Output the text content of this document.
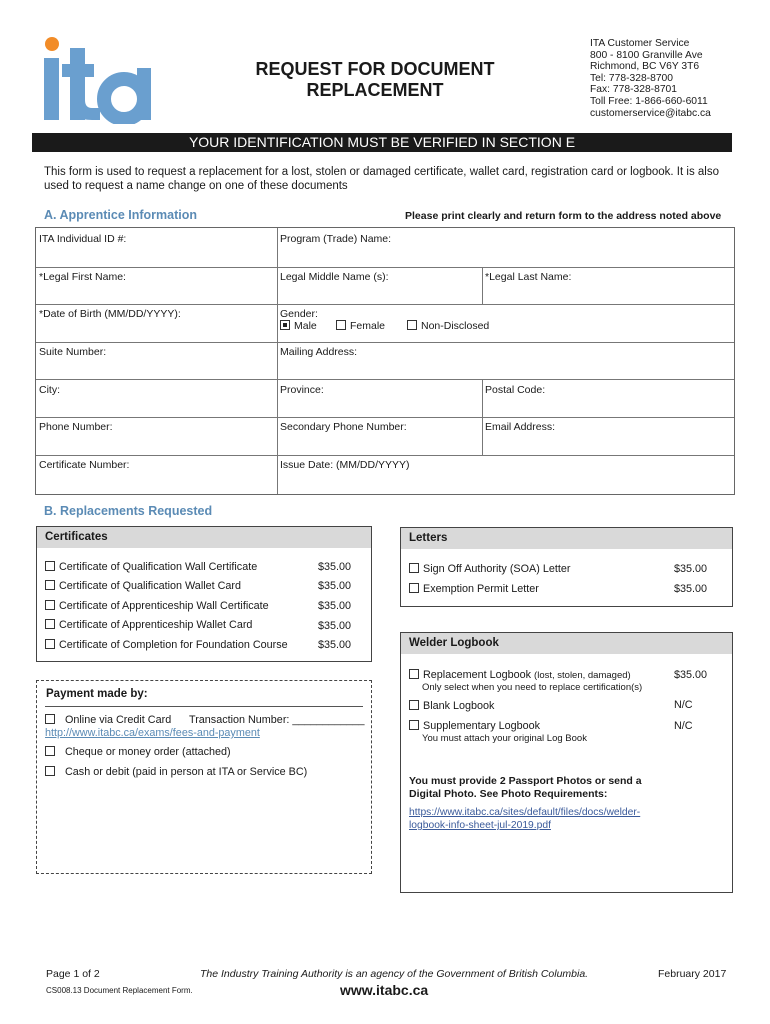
REQUEST FOR DOCUMENT
REPLACEMENT
ITA Customer Service
800 - 8100 Granville Ave
Richmond, BC V6Y 3T6
Tel: 778-328-8700
Fax: 778-328-8701
Toll Free: 1-866-660-6011
customerservice@itabc.ca
YOUR IDENTIFICATION MUST BE VERIFIED IN SECTION E
This form is used to request a replacement for a lost, stolen or damaged certificate, wallet card, registration card or logbook. It is also used to request a name change on one of these documents
A. Apprentice Information	Please print clearly and return form to the address noted above
ITA Individual ID #:	Program (Trade) Name:
*Legal First Name:	Legal Middle Name (s):	*Legal Last Name:
*Date of Birth (MM/DD/YYYY):	Gender:
Male	Female	Non-Disclosed
Suite Number:	Mailing Address:
City:	Province:	Postal Code:
Phone Number:	Secondary Phone Number:	Email Address:
Certificate Number:	Issue Date: (MM/DD/YYYY)
B. Replacements Requested
Certificates
Certificate of Qualification Wall Certificate	$35.00
Certificate of Qualification Wallet Card	$35.00
Certificate of Apprenticeship Wall Certificate	$35.00
Certificate of Apprenticeship Wallet Card	$35.00
Certificate of Completion for Foundation Course	$35.00
Payment made by:
Online via Credit Card Transaction Number: ____________
http://www.itabc.ca/exams/fees-and-payment
Cheque or money order (attached)
Cash or debit (paid in person at ITA or Service BC)
Letters
Sign Off Authority (SOA) Letter	$35.00
Exemption Permit Letter	$35.00
Welder Logbook
Replacement Logbook (lost, stolen, damaged)	$35.00
Only select when you need to replace certification(s)
Blank Logbook	N/C
Supplementary Logbook	N/C
You must attach your original Log Book
You must provide 2 Passport Photos or send a Digital Photo. See Photo Requirements:
https://www.itabc.ca/sites/default/files/docs/welder-
logbook-info-sheet-jul-2019.pdf
Page 1 of 2	The Industry Training Authority is an agency of the Government of British Columbia.	February 2017
CS008.13 Document Replacement Form.	www.itabc.ca
